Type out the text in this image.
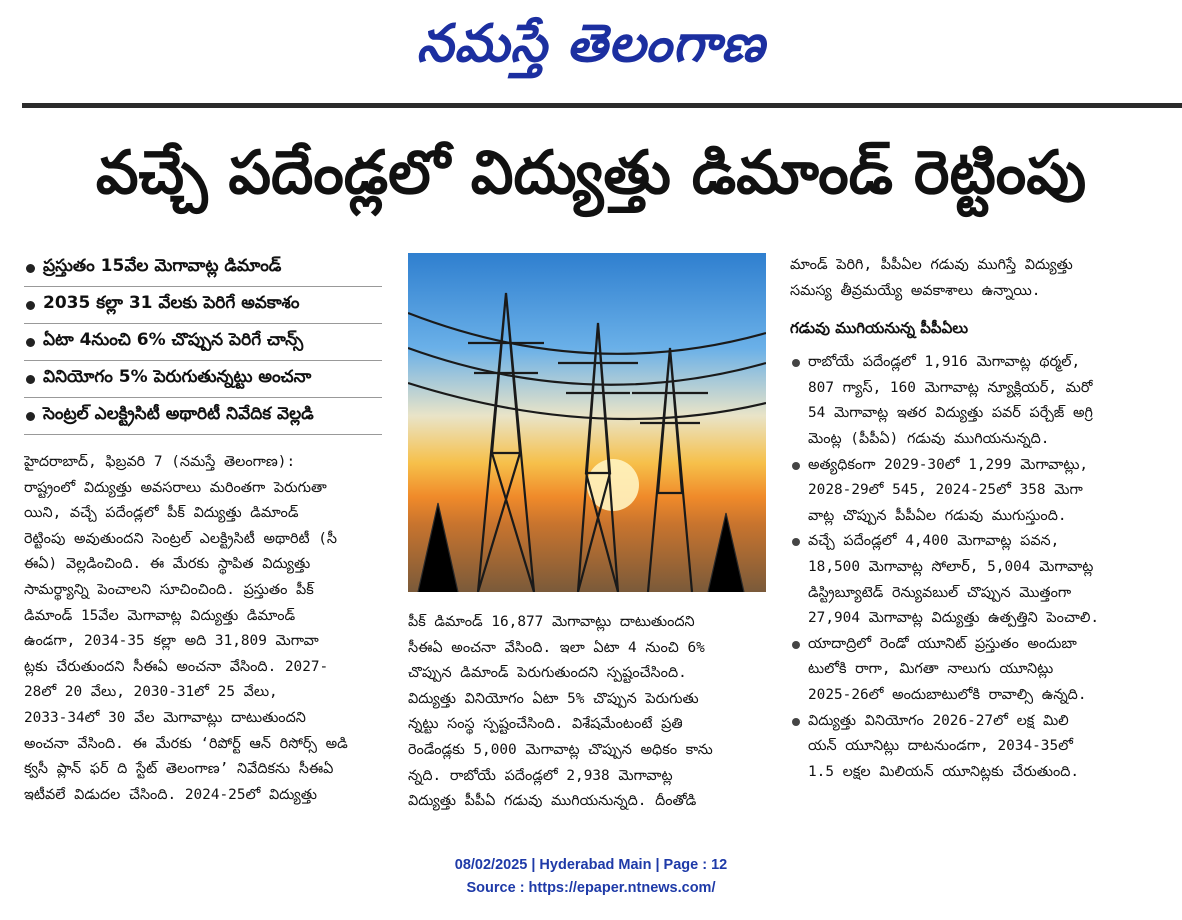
నమస్తే తెలంగాణ
వచ్చే పదేండ్లలో విద్యుత్తు డిమాండ్‌ రెట్టింపు
ప్రస్తుతం 15వేల మెగావాట్ల డిమాండ్‌
2035 కల్లా 31 వేలకు పెరిగే అవకాశం
ఏటా 4నుంచి 6% చొప్పున పెరిగే చాన్స్‌
వినియోగం 5% పెరుగుతున్నట్టు అంచనా
సెంట్రల్‌ ఎలక్ట్రిసిటీ అథారిటీ నివేదిక వెల్లడి

హైదరాబాద్‌, ఫిబ్రవరి 7 (నమస్తే తెలంగాణ):

రాష్ట్రంలో విద్యుత్తు అవసరాలు మరింతగా పెరుగుతా

యిని, వచ్చే పదేండ్లలో పీక్‌ విద్యుత్తు డిమాండ్‌

రెట్టింపు అవుతుందని సెంట్రల్‌ ఎలక్ట్రిసిటీ అథారిటీ (సీ

ఈఏ) వెల్లడించింది. ఈ మేరకు స్థాపిత విద్యుత్తు

సామర్థ్యాన్ని పెంచాలని సూచించింది. ప్రస్తుతం పీక్‌

డిమాండ్‌ 15వేల మెగావాట్ల విద్యుత్తు డిమాండ్‌

ఉండగా, 2034-35 కల్లా అది 31,809 మెగావా

ట్లకు చేరుతుందని సీఈఏ అంచనా వేసింది. 2027-

28లో 20 వేలు, 2030-31లో 25 వేలు,

2033-34లో 30 వేల మెగావాట్లు దాటుతుందని

అంచనా వేసింది. ఈ మేరకు ‘రిపోర్ట్‌ ఆన్‌ రిసోర్స్‌ అడి

క్వసీ ప్లాన్‌ ఫర్‌ ది స్టేట్‌ తెలంగాణ’ నివేదికను సీఈఏ

ఇటీవలే విడుదల చేసింది. 2024-25లో విద్యుత్తు

పీక్‌ డిమాండ్‌ 16,877 మెగావాట్లు దాటుతుందని

సీఈఏ అంచనా వేసింది. ఇలా ఏటా 4 నుంచి 6%

చొప్పున డిమాండ్‌ పెరుగుతుందని స్పష్టంచేసింది.

విద్యుత్తు వినియోగం ఏటా 5% చొప్పున పెరుగుతు

న్నట్టు సంస్థ స్పష్టంచేసింది. విశేషమేంటంటే ప్రతి

రెండేండ్లకు 5,000 మెగావాట్ల చొప్పున అధికం కాను

న్నది. రాబోయే పదేండ్లలో 2,938 మెగావాట్ల

విద్యుత్తు పీపీఏ గడువు ముగియనున్నది. దీంతోడి

మాండ్‌ పెరిగి, పీపీఏల గడువు ముగిస్తే విద్యుత్తు

సమస్య తీవ్రమయ్యే అవకాశాలు ఉన్నాయి.

గడువు ముగియనున్న పీపీఏలు

రాబోయే పదేండ్లలో 1,916 మెగావాట్ల థర్మల్‌,

807 గ్యాస్‌, 160 మెగావాట్ల న్యూక్లియర్‌, మరో

54 మెగావాట్ల ఇతర విద్యుత్తు పవర్‌ పర్చేజ్‌ అగ్రి

మెంట్ల (పీపీఏ) గడువు ముగియనున్నది.

అత్యధికంగా 2029-30లో 1,299 మెగావాట్లు,

2028-29లో 545, 2024-25లో 358 మెగా

వాట్ల చొప్పున పీపీఏల గడువు ముగుస్తుంది.

వచ్చే పదేండ్లలో 4,400 మెగావాట్ల పవన,

18,500 మెగావాట్ల సోలార్‌, 5,004 మెగావాట్ల

డిస్ట్రిబ్యూటెడ్‌ రెన్యువబుల్‌ చొప్పున మొత్తంగా

27,904 మెగావాట్ల విద్యుత్తు ఉత్పత్తిని పెంచాలి.

యాదాద్రిలో రెండో యూనిట్‌ ప్రస్తుతం అందుబా

టులోకి రాగా, మిగతా నాలుగు యూనిట్లు

2025-26లో అందుబాటులోకి రావాల్సి ఉన్నది.

విద్యుత్తు వినియోగం 2026-27లో లక్ష మిలి

యన్‌ యూనిట్లు దాటనుండగా, 2034-35లో

1.5 లక్షల మిలియన్‌ యూనిట్లకు చేరుతుంది.

08/02/2025 | Hyderabad Main | Page : 12
Source : https://epaper.ntnews.com/
